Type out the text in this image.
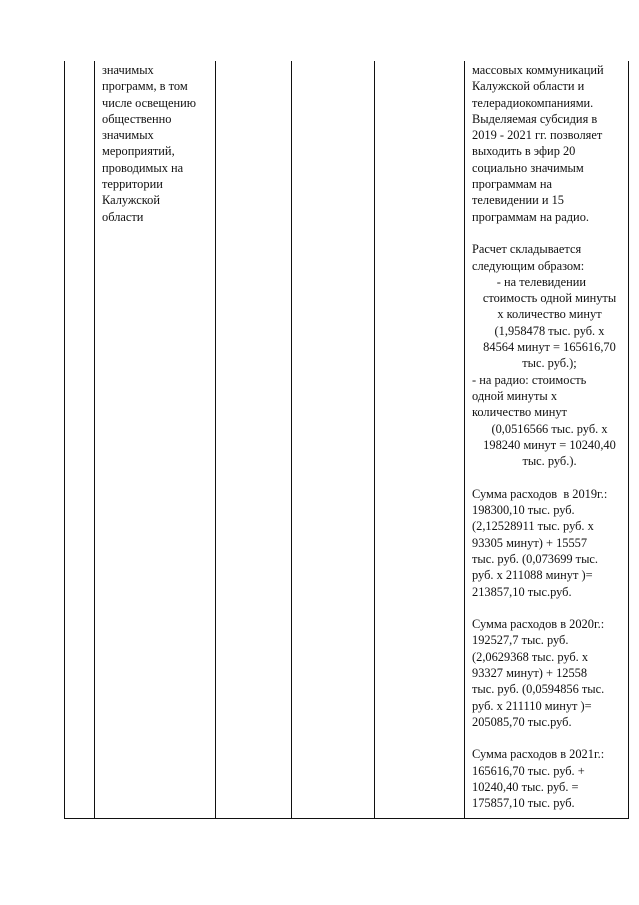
значимых
программ, в том
числе освещению
общественно
значимых
мероприятий,
проводимых на
территории
Калужской
области
массовых коммуникаций
Калужской области и
телерадиокомпаниями.
Выделяемая субсидия в
2019 - 2021 гг. позволяет
выходить в эфир 20
социально значимым
программам на
телевидении и 15
программам на радио.
Расчет складывается
следующим образом:
- на телевидении
стоимость одной минуты
х количество минут
(1,958478 тыс. руб. х
84564 минут = 165616,70
тыс. руб.);
- на радио: стоимость
одной минуты х
количество минут
(0,0516566 тыс. руб. х
198240 минут = 10240,40
тыс. руб.).
Сумма расходов  в 2019г.:
198300,10 тыс. руб.
(2,12528911 тыс. руб. х
93305 минут) + 15557
тыс. руб. (0,073699 тыс.
руб. х 211088 минут )=
213857,10 тыс.руб.
Сумма расходов в 2020г.:
192527,7 тыс. руб.
(2,0629368 тыс. руб. х
93327 минут) + 12558
тыс. руб. (0,0594856 тыс.
руб. х 211110 минут )=
205085,70 тыс.руб.
Сумма расходов в 2021г.:
165616,70 тыс. руб. +
10240,40 тыс. руб. =
175857,10 тыс. руб.
